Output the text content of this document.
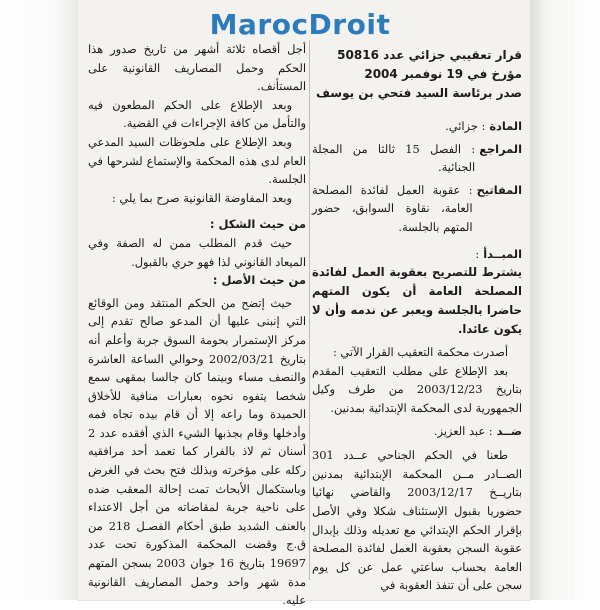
MarocDroit

قرار تعقيبي جزائي عدد 50816

مؤرخ في 19 نوفمبر 2004

صدر برئاسة السيد فتحي بن يوسف

المادة
: جزائي.
المراجع
: الفصل 15 ثالثا من المجلة الجنائية.
المفاتيح
: عقوبة العمل لفائدة المصلحة العامة، نقاوة السوابق، حضور المتهم بالجلسة.
المبــدأ
:

يشترط للتصريح بعقوبة العمل لفائدة المصلحة العامة أن يكون المتهم حاضرا بالجلسة ويعبر عن ندمه وأن لا يكون عائدا.

أصدرت محكمة التعقيب القرار الآتي :

بعد الإطلاع على مطلب التعقيب المقدم بتاريخ 2003/12/23 من طرف وكيل الجمهورية لدى المحكمة الإبتدائية بمدنين.

ضــد
: عبد العزيز.

طعنا في الحكم الجناحي عــدد 301 الصــادر مــن المحكمة الإبتدائية بمدنين بتاريــخ 2003/12/17 والقاضي نهائيا حضوريا بقبول الإستئناف شكلا وفي الأصل بإقرار الحكم الإبتدائي مع تعديله وذلك بإبدال عقوبة السجن بعقوبة العمل لفائدة المصلحة العامة بحساب ساعتي عمل عن كل يوم سجن على أن تنفذ العقوبة في

أجل أقصاه ثلاثة أشهر من تاريخ صدور هذا الحكم وحمل المصاريف القانونية على المستأنف.

وبعد الإطلاع على الحكم المطعون فيه والتأمل من كافة الإجراءات في القضية.

وبعد الإطلاع على ملحوظات السيد المدعي العام لدى هذه المحكمة والإستماع لشرحها في الجلسة.

وبعد المفاوضة القانونية صرح بما يلي :

من حيث الشكل :

حيث قدم المطلب ممن له الصفة وفي الميعاد القانوني لذا فهو حري بالقبول.

من حيث الأصل :

حيث إتضح من الحكم المنتقد ومن الوقائع التي إنبنى عليها أن المدعو صالح تقدم إلى مركز الإستمرار بحومة السوق جربة وأعلم أنه بتاريخ 2002/03/21 وحوالي الساعة العاشرة والنصف مساء وبينما كان جالسا بمقهى سمع شخصا يتفوه نحوه بعبارات منافية للأخلاق الحميدة وما راعه إلا أن قام بيده تجاه فمه وأدخلها وقام بجذبها الشيء الذي أفقده عدد 2 أسنان ثم لاذ بالفرار كما تعمد أحد مرافقيه ركله على مؤخرته وبذلك فتح بحث في الغرض وباستكمال الأبحاث تمت إحالة المعقب ضده على ناحية جربة لمقاضاته من أجل الاعتداء بالعنف الشديد طبق أحكام الفصـل 218 من ق.ج وقضت المحكمة المذكورة تحت عدد 19697 بتاريخ 16 جوان 2003 بسجن المتهم مدة شهر واحد وحمل المصاريف القانونية عليه.
